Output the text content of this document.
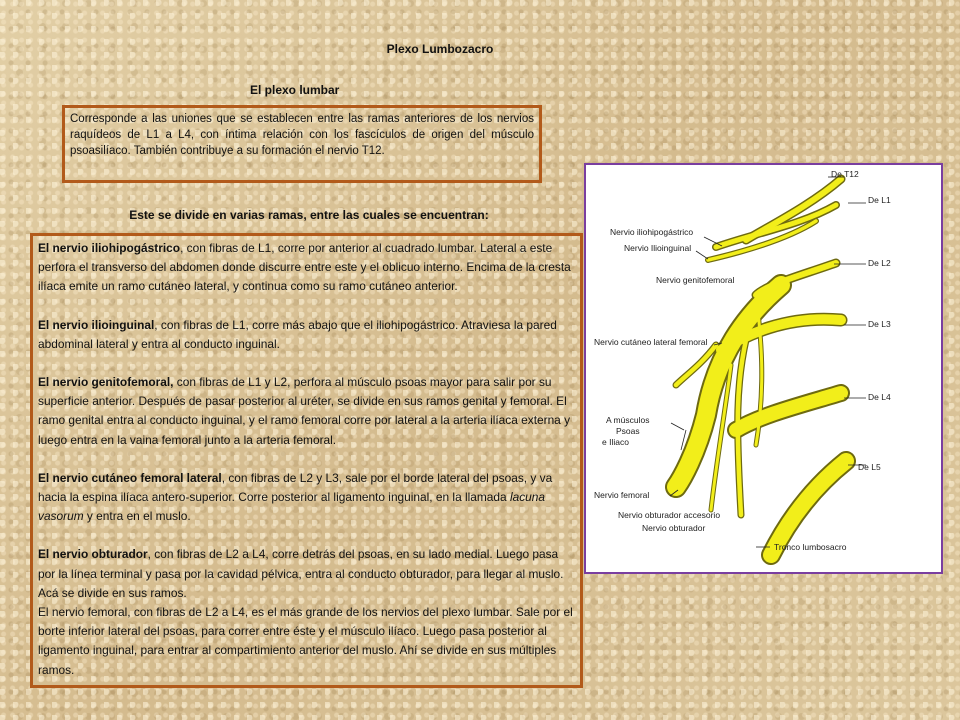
Plexo Lumbozacro
El plexo lumbar
Corresponde a las uniones que se establecen entre las ramas anteriores de los nervios raquídeos de L1 a L4, con íntima relación con los fascículos de origen del músculo psoasilíaco. También contribuye a su formación el nervio T12.
Este se divide en varias ramas, entre las cuales se encuentran:

El nervio iliohipogástrico, con fibras de L1, corre por anterior al cuadrado lumbar. Lateral a este perfora el transverso del abdomen donde discurre entre este y el oblicuo interno. Encima de la cresta ilíaca emite un ramo cutáneo lateral, y continua como su ramo cutáneo anterior.

El nervio ilioinguinal, con fibras de L1, corre más abajo que el iliohipogástrico. Atraviesa la pared abdominal lateral y entra al conducto inguinal.

El nervio genitofemoral, con fibras de L1 y L2, perfora al músculo psoas mayor para salir por su superficie anterior. Después de pasar posterior al uréter, se divide en sus ramos genital y femoral. El ramo genital entra al conducto inguinal, y el ramo femoral corre por lateral a la arteria ilíaca externa y luego entra en la vaina femoral junto a la arteria femoral.

El nervio cutáneo femoral lateral, con fibras de L2 y L3, sale por el borde lateral del psoas, y va hacia la espina ilíaca antero-superior. Corre posterior al ligamento inguinal, en la llamada lacuna vasorum y entra en el muslo.

El nervio obturador, con fibras de L2 a L4, corre detrás del psoas, en su lado medial. Luego pasa por la línea terminal y pasa por la cavidad pélvica, entra al conducto obturador, para llegar al muslo. Acá se divide en sus ramos.

El nervio femoral, con fibras de L2 a L4, es el más grande de los nervios del plexo lumbar. Sale por el borte inferior lateral del psoas, para correr entre éste y el músculo ilíaco. Luego pasa posterior al ligamento inguinal, para entrar al compartimiento anterior del muslo. Ahí se divide en sus múltiples ramos.

De T12
De L1
De L2
De L3
De L4
De L5
Nervio iliohipogástrico
Nervio Ilioinguinal
Nervio genitofemoral
Nervio cutáneo lateral femoral
A músculos
Psoas
e Iliaco
Nervio femoral
Nervio obturador accesorio
Nervio obturador
Tronco lumbosacro
